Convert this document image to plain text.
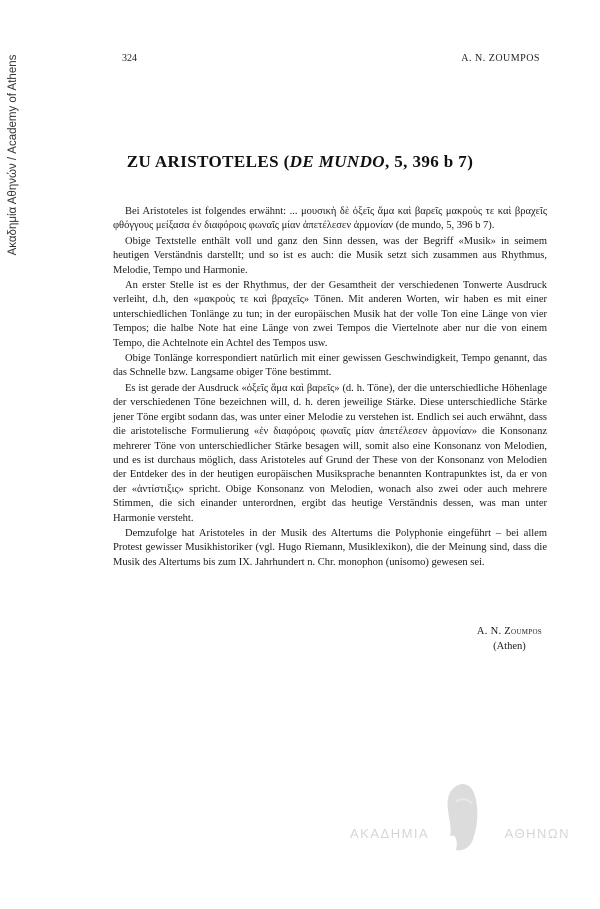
Ακαδημία Αθηνών / Academy of Athens	324	A. N. ZOUMPOS
ZU ARISTOTELES (DE MUNDO, 5, 396 b 7)

Bei Aristoteles ist folgendes erwähnt: ... μουσικὴ δὲ ὀξεῖς ἅμα καὶ βαρεῖς μακροὺς τε καὶ βραχεῖς φθόγγους μείξασα ἐν διαφόροις φωναῖς μίαν ἀπετέλεσεν ἁρμονίαν (de mundo, 5, 396 b 7).

Obige Textstelle enthält voll und ganz den Sinn dessen, was der Begriff «Musik» in seimem heutigen Verständnis darstellt; und so ist es auch: die Musik setzt sich zusammen aus Rhythmus, Melodie, Tempo und Harmonie.

An erster Stelle ist es der Rhythmus, der der Gesamtheit der verschiedenen Tonwerte Ausdruck verleiht, d.h, den «μακροὺς τε καὶ βραχεῖς» Tönen. Mit anderen Worten, wir haben es mit einer unterschiedlichen Tonlänge zu tun; in der europäischen Musik hat der volle Ton eine Länge von vier Tempos; die halbe Note hat eine Länge von zwei Tempos die Viertelnote aber nur die von einem Tempo, die Achtelnote ein Achtel des Tempos usw.

Obige Tonlänge korrespondiert natürlich mit einer gewissen Geschwindigkeit, Tempo genannt, das das Schnelle bzw. Langsame obiger Töne bestimmt.

Es ist gerade der Ausdruck «ὀξεῖς ἅμα καὶ βαρεῖς» (d. h. Töne), der die unterschiedliche Höhenlage der verschiedenen Töne bezeichnen will, d. h. deren jeweilige Stärke. Diese unterschiedliche Stärke jener Töne ergibt sodann das, was unter einer Melodie zu verstehen ist. Endlich sei auch erwähnt, dass die aristotelische Formulierung «ἐν διαφόροις φωναῖς μίαν ἀπετέλεσεν ἁρμονίαν» die Konsonanz mehrerer Töne von unterschiedlicher Stärke besagen will, somit also eine Konsonanz von Melodien, und es ist durchaus möglich, dass Aristoteles auf Grund der These von der Konsonanz von Melodien der Entdeker des in der heutigen europäischen Musiksprache benannten Kontrapunktes ist, da er von der «ἀντίστιξις» spricht. Obige Konsonanz von Melodien, wonach also zwei oder auch mehrere Stimmen, die sich einander unterordnen, ergibt das heutige Verständnis dessen, was man unter Harmonie versteht.

Demzufolge hat Aristoteles in der Musik des Altertums die Polyphonie eingeführt – bei allem Protest gewisser Musikhistoriker (vgl. Hugo Riemann, Musiklexikon), die der Meinung sind, dass die Musik des Altertums bis zum IX. Jahrhundert n. Chr. monophon (unisomo) gewesen sei.

A. N. Zoumpos
(Athen)
ΑΚΑΔΗΜΙΑ	ΑΘΗΝΩΝ
